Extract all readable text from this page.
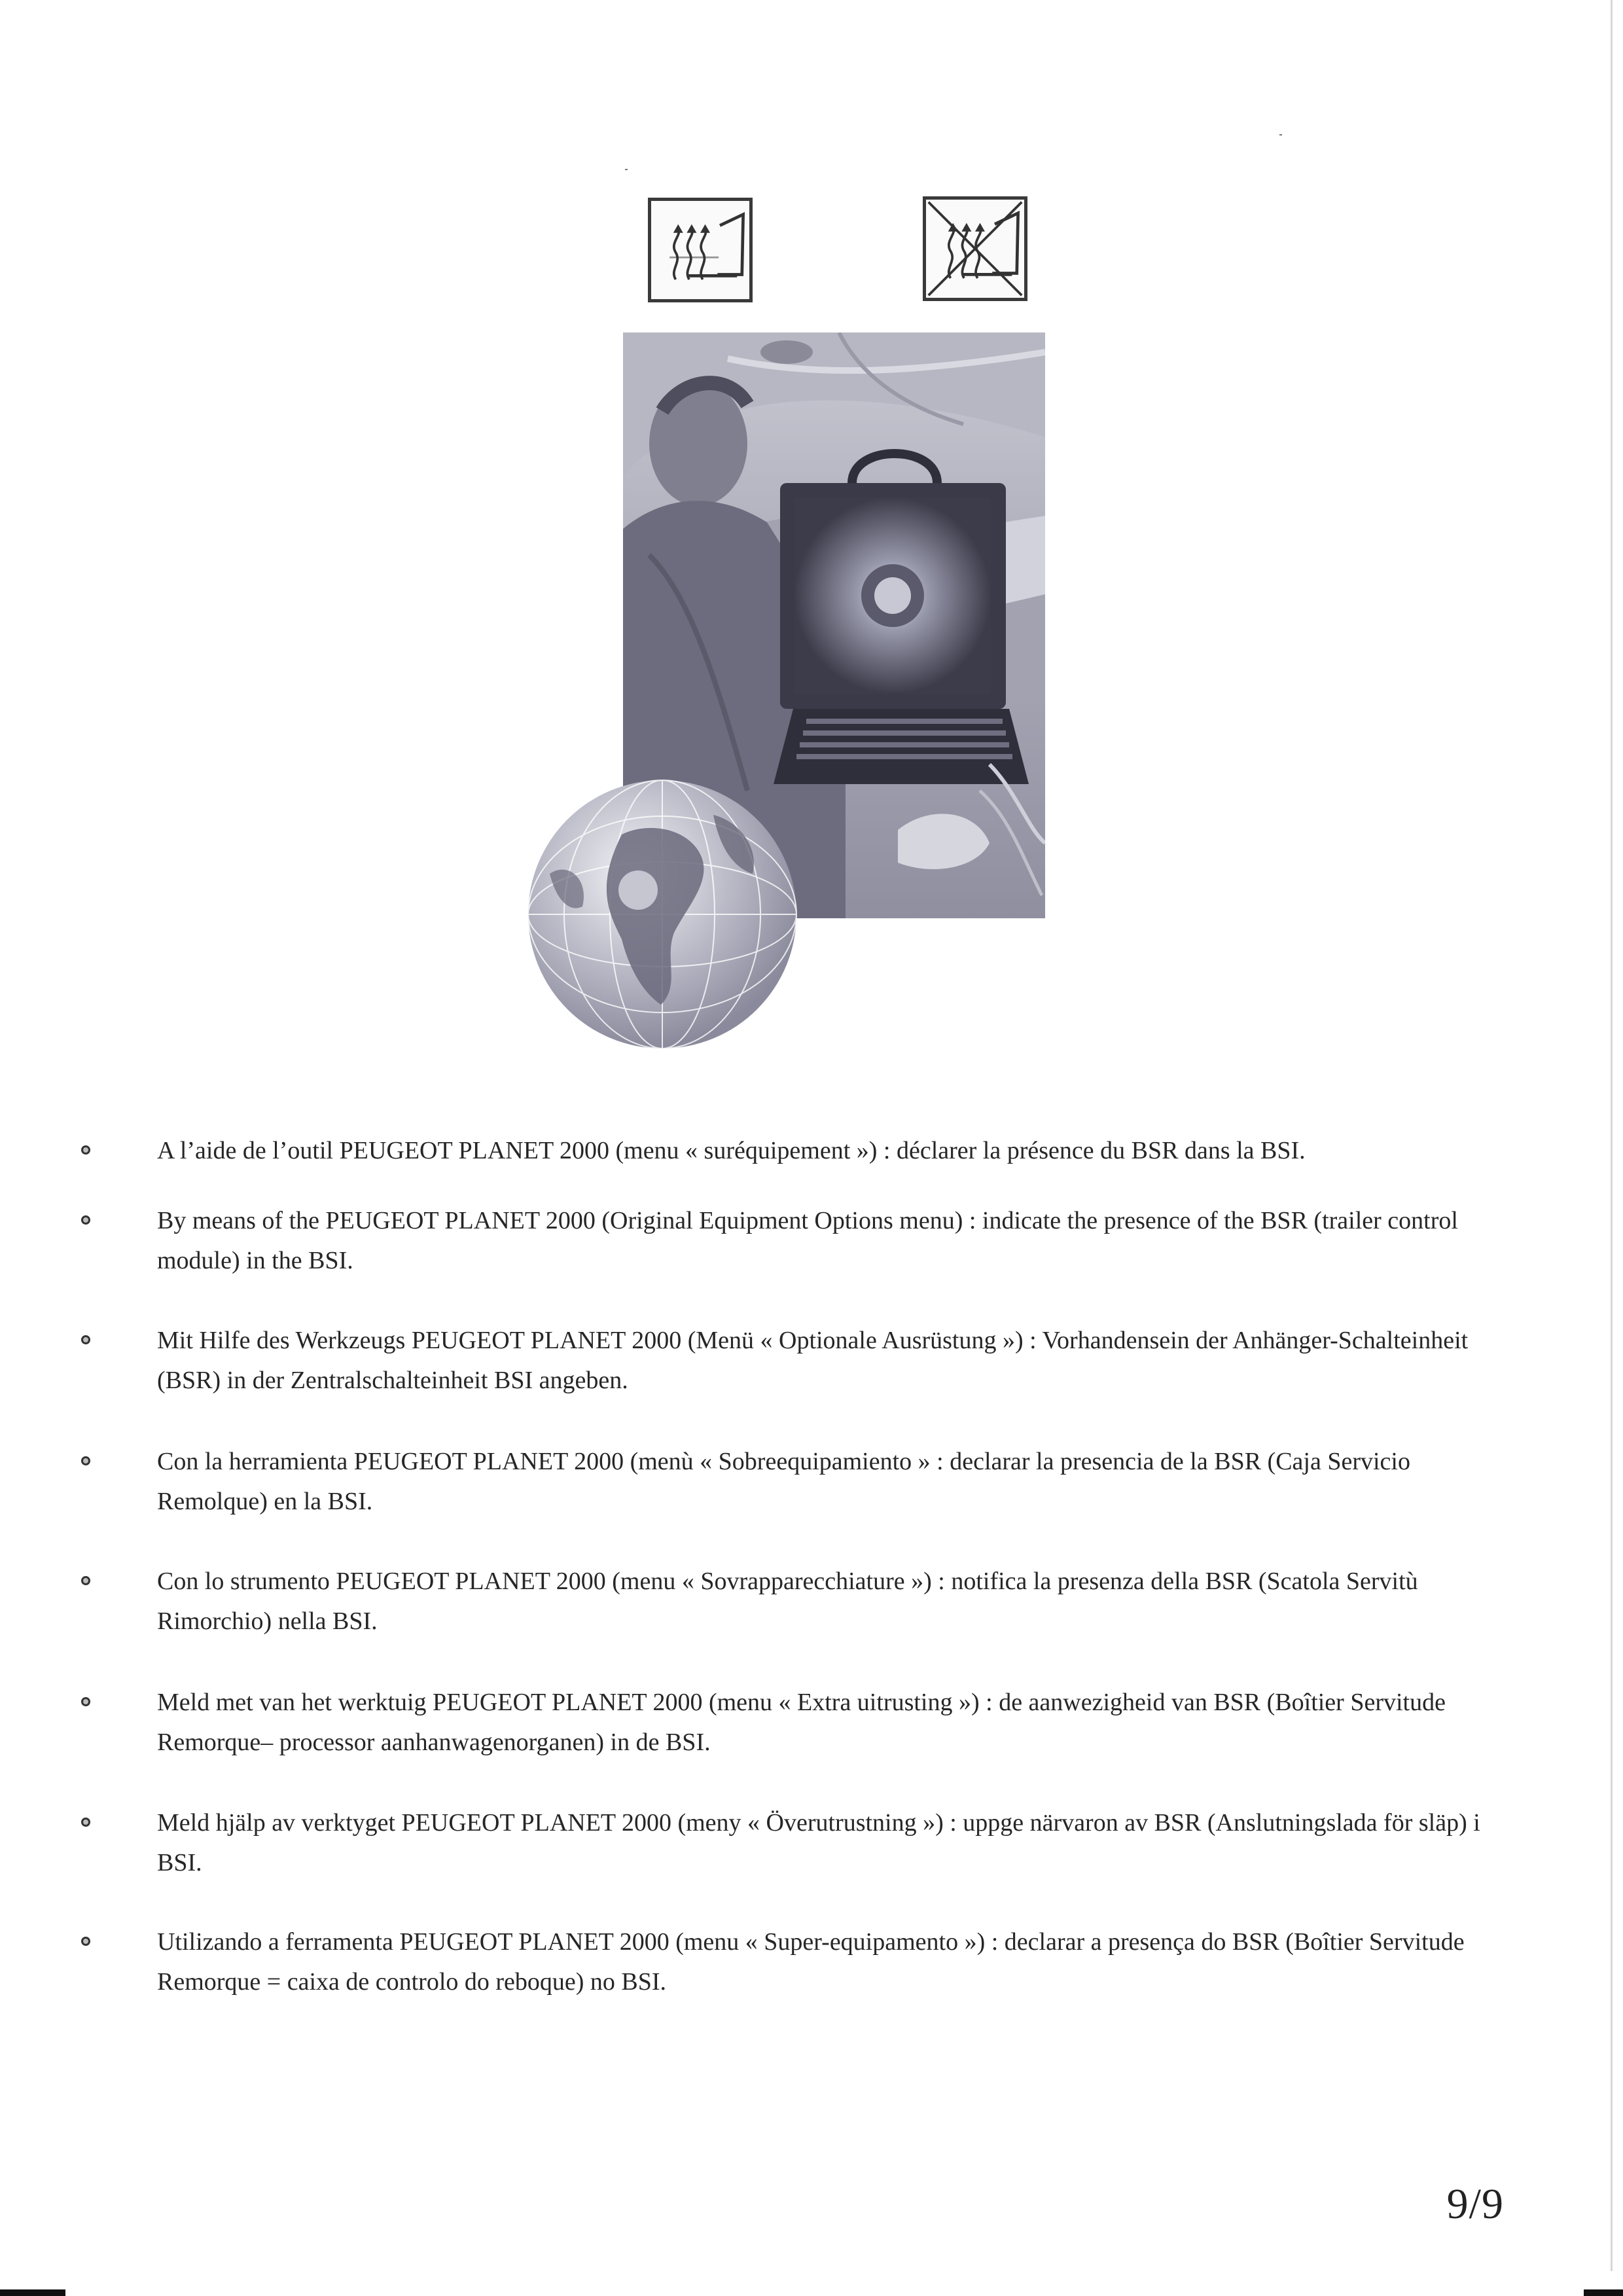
A l’aide de l’outil PEUGEOT PLANET 2000 (menu « suréquipement ») : déclarer la présence du BSR dans la BSI.
By means of the PEUGEOT PLANET 2000 (Original Equipment Options menu) : indicate the presence of the BSR (trailer control module) in the BSI.
Mit Hilfe des Werkzeugs PEUGEOT PLANET 2000 (Menü « Optionale Ausrüstung ») : Vorhandensein der Anhänger-Schalteinheit (BSR) in der Zentralschalteinheit BSI angeben.
Con la herramienta PEUGEOT PLANET 2000 (menù « Sobreequipamiento » : declarar la presencia de la BSR (Caja Servicio Remolque) en la BSI.
Con lo strumento PEUGEOT PLANET 2000 (menu « Sovrapparecchiature ») : notifica la presenza della BSR (Scatola Servitù Rimorchio) nella BSI.
Meld met van het werktuig PEUGEOT PLANET 2000 (menu « Extra uitrusting ») : de aanwezigheid van BSR (Boîtier Servitude Remorque– processor aanhanwagenorganen) in de BSI.
Meld hjälp av verktyget PEUGEOT PLANET 2000 (meny « Överutrustning ») : uppge närvaron av BSR (Anslutningslada för släp) i BSI.
Utilizando a ferramenta PEUGEOT PLANET 2000 (menu « Super-equipamento ») : declarar a presença do BSR (Boîtier Servitude Remorque = caixa de controlo do reboque) no BSI.
9/9
